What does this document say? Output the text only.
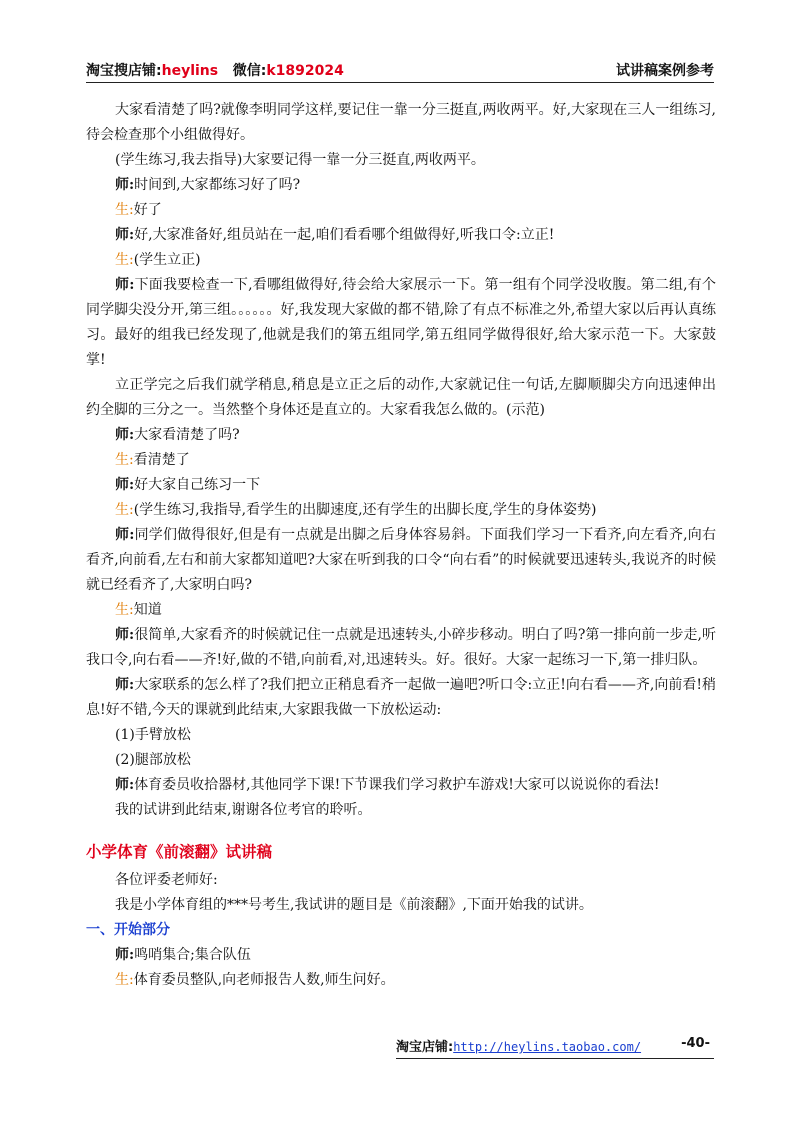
淘宝搜店铺:heylins 微信:k1892024	试讲稿案例参考

大家看清楚了吗?就像李明同学这样,要记住一靠一分三挺直,两收两平。好,大家现在三人一组练习,待会检查那个小组做得好。

(学生练习,我去指导)大家要记得一靠一分三挺直,两收两平。

师:时间到,大家都练习好了吗?

生:好了

师:好,大家准备好,组员站在一起,咱们看看哪个组做得好,听我口令:立正!

生:(学生立正)

师:下面我要检查一下,看哪组做得好,待会给大家展示一下。第一组有个同学没收腹。第二组,有个同学脚尖没分开,第三组。。。。。。好,我发现大家做的都不错,除了有点不标准之外,希望大家以后再认真练习。最好的组我已经发现了,他就是我们的第五组同学,第五组同学做得很好,给大家示范一下。大家鼓掌!

立正学完之后我们就学稍息,稍息是立正之后的动作,大家就记住一句话,左脚顺脚尖方向迅速伸出约全脚的三分之一。当然整个身体还是直立的。大家看我怎么做的。(示范)

师:大家看清楚了吗?

生:看清楚了

师:好大家自己练习一下

生:(学生练习,我指导,看学生的出脚速度,还有学生的出脚长度,学生的身体姿势)

师:同学们做得很好,但是有一点就是出脚之后身体容易斜。下面我们学习一下看齐,向左看齐,向右看齐,向前看,左右和前大家都知道吧?大家在听到我的口令“向右看”的时候就要迅速转头,我说齐的时候就已经看齐了,大家明白吗?

生:知道

师:很简单,大家看齐的时候就记住一点就是迅速转头,小碎步移动。明白了吗?第一排向前一步走,听我口令,向右看——齐!好,做的不错,向前看,对,迅速转头。好。很好。大家一起练习一下,第一排归队。

师:大家联系的怎么样了?我们把立正稍息看齐一起做一遍吧?听口令:立正!向右看——齐,向前看!稍息!好不错,今天的课就到此结束,大家跟我做一下放松运动:

(1)手臂放松

(2)腿部放松

师:体育委员收拾器材,其他同学下课!下节课我们学习救护车游戏!大家可以说说你的看法!

我的试讲到此结束,谢谢各位考官的聆听。

小学体育《前滚翻》试讲稿

各位评委老师好:

我是小学体育组的***号考生,我试讲的题目是《前滚翻》,下面开始我的试讲。

一、开始部分

师:鸣哨集合;集合队伍

生:体育委员整队,向老师报告人数,师生问好。

淘宝店铺:http://heylins.taobao.com/	-40-
